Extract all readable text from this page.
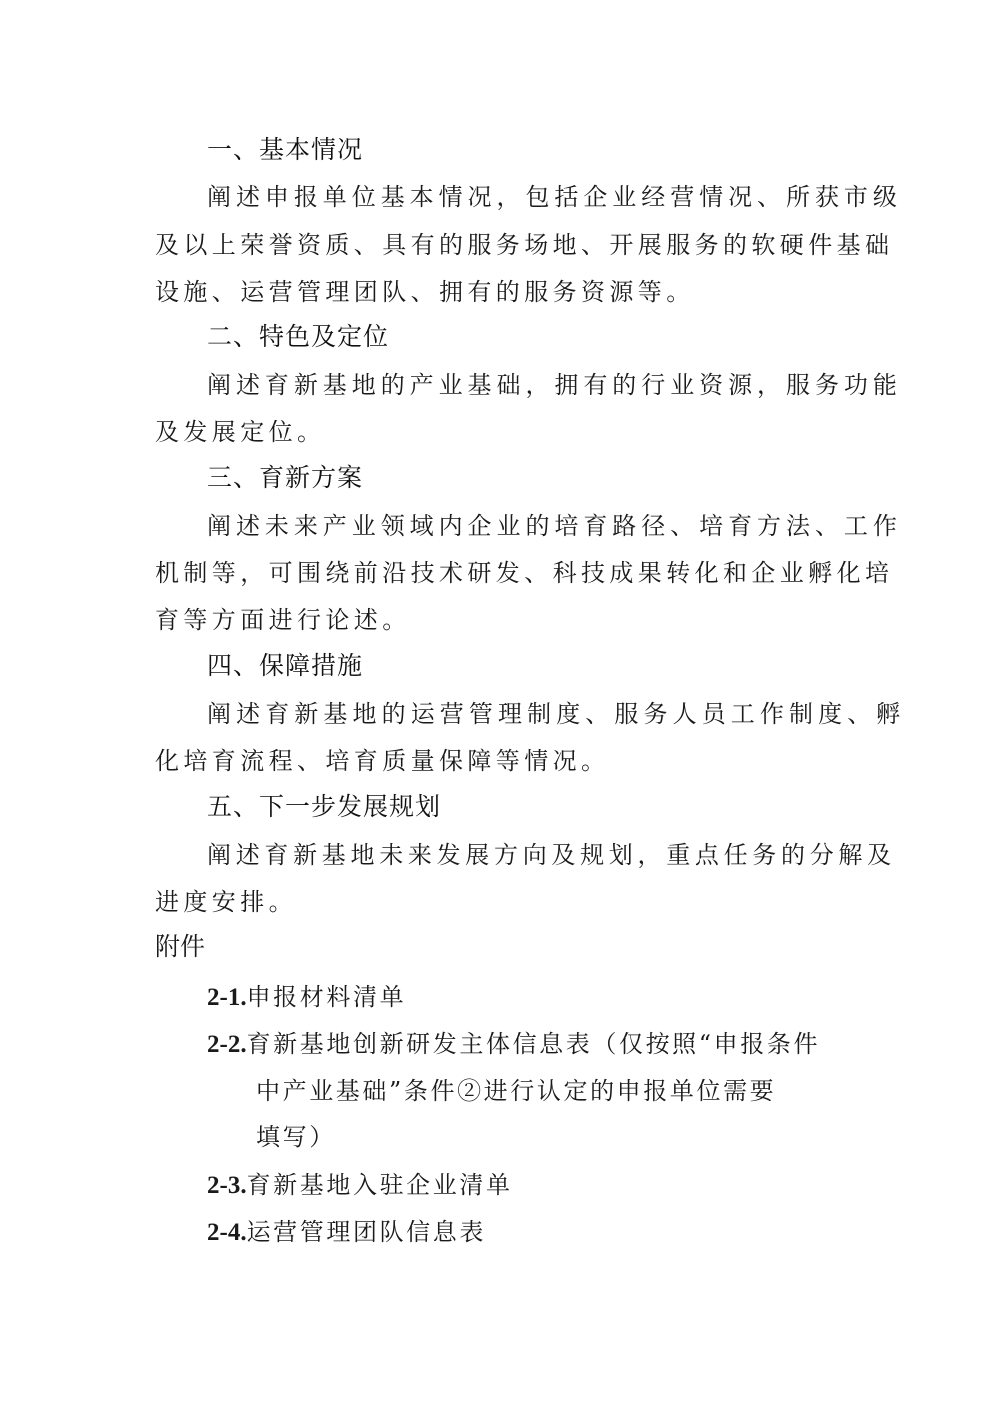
一、基本情况
阐述申报单位基本情况，包括企业经营情况、所获市级
及以上荣誉资质、具有的服务场地、开展服务的软硬件基础
设施、运营管理团队、拥有的服务资源等。
二、特色及定位
阐述育新基地的产业基础，拥有的行业资源，服务功能
及发展定位。
三、育新方案
阐述未来产业领域内企业的培育路径、培育方法、工作
机制等，可围绕前沿技术研发、科技成果转化和企业孵化培
育等方面进行论述。
四、保障措施
阐述育新基地的运营管理制度、服务人员工作制度、孵
化培育流程、培育质量保障等情况。
五、下一步发展规划
阐述育新基地未来发展方向及规划，重点任务的分解及
进度安排。
附件
2-1.申报材料清单
2-2.育新基地创新研发主体信息表（仅按照“申报条件
中产业基础”条件②进行认定的申报单位需要
填写）
2-3.育新基地入驻企业清单
2-4.运营管理团队信息表
